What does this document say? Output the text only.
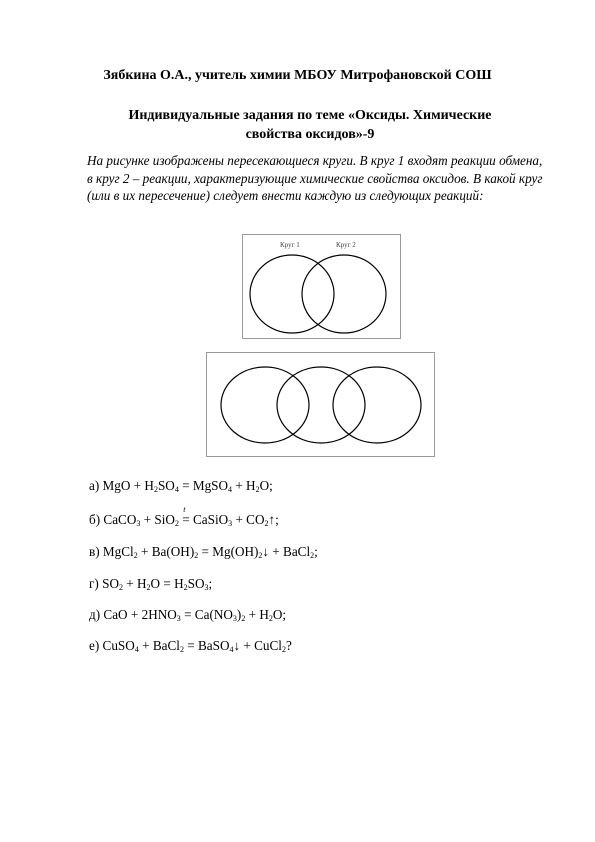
Зябкина О.А., учитель химии МБОУ Митрофановской СОШ
Индивидуальные задания по теме «Оксиды. Химические свойства оксидов»-9
На рисунке изображены пересекающиеся круги. В круг 1 входят реакции обмена, в круг 2 – реакции, характеризующие химические свойства оксидов. В какой круг (или в их пересечение) следует внести каждую из следующих реакций:
Круг 1	Круг 2
а) MgO + $H_2SO_4$ = MgSO$_4$ + $H_2O$;
б) CaCO$_3$ + SiO$_2$ =
t
CaSiO$_3$ + $CO_2↑$;
в) MgCl$_2$ + $Ba(OH)_2$ = $Mg(OH)_2↓$ + BaCl$_2$;
г) $SO_2 + H_2O = H_2SO_3$;
д) CaO + $2HNO_3 = Ca(NO_3)_2 + H_2O$;
е) CuSO$_4$ + BaCl$_2$ = BaSO$_4$↓ + CuCl$_2$?
